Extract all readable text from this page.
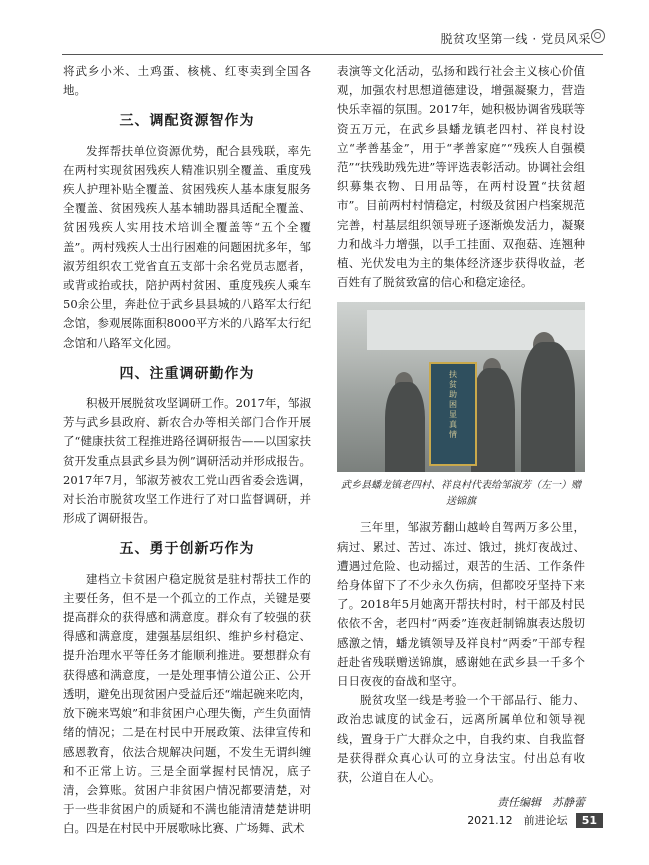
脱贫攻坚第一线 · 党员风采

将武乡小米、土鸡蛋、核桃、红枣卖到全国各地。

三、调配资源智作为

发挥帮扶单位资源优势，配合县残联，率先在两村实现贫困残疾人精准识别全覆盖、重度残疾人护理补贴全覆盖、贫困残疾人基本康复服务全覆盖、贫困残疾人基本辅助器具适配全覆盖、贫困残疾人实用技术培训全覆盖等“五个全覆盖”。两村残疾人士出行困难的问题困扰多年，邹淑芳组织农工党省直五支部十余名党员志愿者，或背或抬或扶，陪护两村贫困、重度残疾人乘车50余公里，奔赴位于武乡县县城的八路军太行纪念馆，参观展陈面积8000平方米的八路军太行纪念馆和八路军文化园。

四、注重调研勤作为

积极开展脱贫攻坚调研工作。2017年，邹淑芳与武乡县政府、新农合办等相关部门合作开展了“健康扶贫工程推进路径调研报告——以国家扶贫开发重点县武乡县为例”调研活动并形成报告。2017年7月，邹淑芳被农工党山西省委会选调，对长治市脱贫攻坚工作进行了对口监督调研，并形成了调研报告。

五、勇于创新巧作为

建档立卡贫困户稳定脱贫是驻村帮扶工作的主要任务，但不是一个孤立的工作点，关键是要提高群众的获得感和满意度。群众有了较强的获得感和满意度，建强基层组织、维护乡村稳定、提升治理水平等任务才能顺利推进。要想群众有获得感和满意度，一是处理事情公道公正、公开透明，避免出现贫困户受益后还“端起碗来吃肉，放下碗来骂娘”和非贫困户心理失衡，产生负面情绪的情况；二是在村民中开展政策、法律宣传和感恩教育，依法合规解决问题，不发生无谓纠缠和不正常上访。三是全面掌握村民情况，底子清，会算账。贫困户非贫困户情况都要清楚，对于一些非贫困户的质疑和不满也能清清楚楚讲明白。四是在村民中开展歌咏比赛、广场舞、武术

表演等文化活动，弘扬和践行社会主义核心价值观，加强农村思想道德建设，增强凝聚力，营造快乐幸福的氛围。2017年，她积极协调省残联等资五万元，在武乡县蟠龙镇老四村、祥良村设立“孝善基金”，用于“孝善家庭”“残疾人自强模范”“扶残助残先进”等评选表彰活动。协调社会组织募集衣物、日用品等，在两村设置“扶贫超市”。目前两村村情稳定，村级及贫困户档案规范完善，村基层组织领导班子逐渐焕发活力，凝聚力和战斗力增强，以手工挂面、双孢菇、连翘种植、光伏发电为主的集体经济逐步获得收益，老百姓有了脱贫致富的信心和稳定途径。

扶贫助困显真情
武乡县蟠龙镇老四村、祥良村代表给邹淑芳（左一）赠送锦旗

三年里，邹淑芳翻山越岭自驾两万多公里，病过、累过、苦过、冻过、饿过，挑灯夜战过、遭遇过危险、也动摇过，艰苦的生活、工作条件给身体留下了不少永久伤病，但都咬牙坚持下来了。2018年5月她离开帮扶村时，村干部及村民依依不舍，老四村“两委”连夜赶制锦旗表达殷切感激之情，蟠龙镇领导及祥良村“两委”干部专程赶赴省残联赠送锦旗，感谢她在武乡县一千多个日日夜夜的奋战和坚守。

脱贫攻坚一线是考验一个干部品行、能力、政治忠诚度的试金石，远离所属单位和领导视线，置身于广大群众之中，自我约束、自我监督是获得群众真心认可的立身法宝。付出总有收获，公道自在人心。

责任编辑　苏静蕾
2021.12　前进论坛	51
